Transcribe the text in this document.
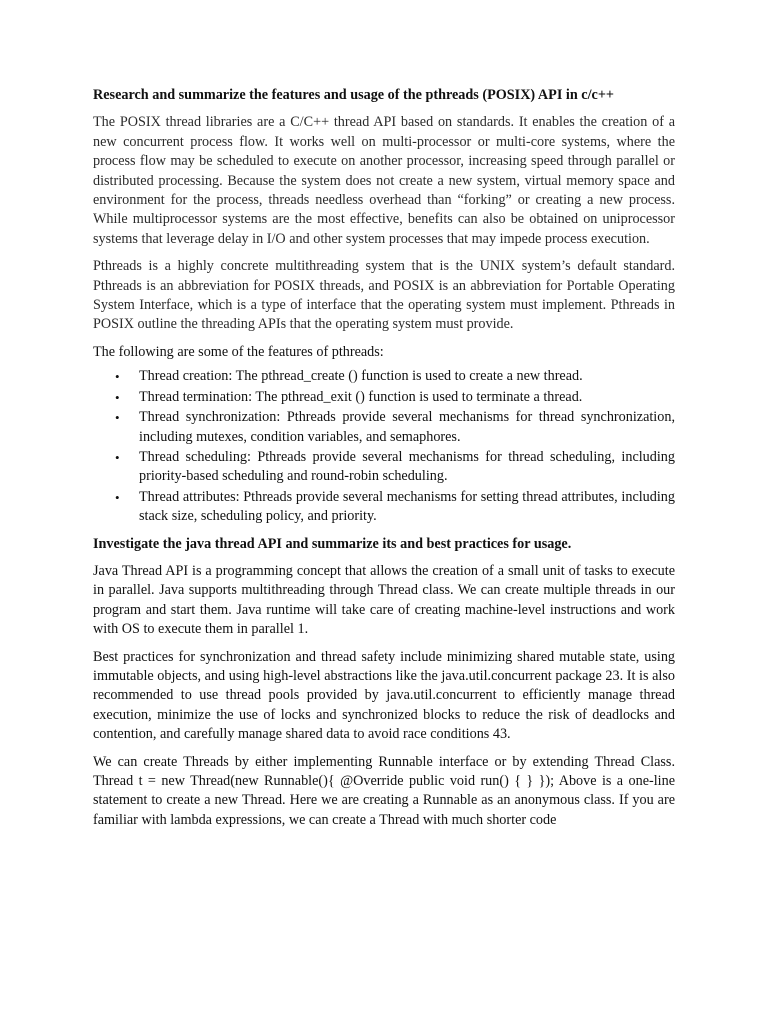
Research and summarize the features and usage of the pthreads (POSIX) API in c/c++

The POSIX thread libraries are a C/C++ thread API based on standards. It enables the creation of a new concurrent process flow. It works well on multi-processor or multi-core systems, where the process flow may be scheduled to execute on another processor, increasing speed through parallel or distributed processing. Because the system does not create a new system, virtual memory space and environment for the process, threads needless overhead than “forking” or creating a new process. While multiprocessor systems are the most effective, benefits can also be obtained on uniprocessor systems that leverage delay in I/O and other system processes that may impede process execution.

Pthreads is a highly concrete multithreading system that is the UNIX system’s default standard. Pthreads is an abbreviation for POSIX threads, and POSIX is an abbreviation for Portable Operating System Interface, which is a type of interface that the operating system must implement. Pthreads in POSIX outline the threading APIs that the operating system must provide.

The following are some of the features of pthreads:

• Thread creation: The pthread_create () function is used to create a new thread.
• Thread termination: The pthread_exit () function is used to terminate a thread.
• Thread synchronization: Pthreads provide several mechanisms for thread synchronization, including mutexes, condition variables, and semaphores.
• Thread scheduling: Pthreads provide several mechanisms for thread scheduling, including priority-based scheduling and round-robin scheduling.
• Thread attributes: Pthreads provide several mechanisms for setting thread attributes, including stack size, scheduling policy, and priority.

Investigate the java thread API and summarize its and best practices for usage.

Java Thread API is a programming concept that allows the creation of a small unit of tasks to execute in parallel. Java supports multithreading through Thread class. We can create multiple threads in our program and start them. Java runtime will take care of creating machine-level instructions and work with OS to execute them in parallel 1.

Best practices for synchronization and thread safety include minimizing shared mutable state, using immutable objects, and using high-level abstractions like the java.util.concurrent package 23. It is also recommended to use thread pools provided by java.util.concurrent to efficiently manage thread execution, minimize the use of locks and synchronized blocks to reduce the risk of deadlocks and contention, and carefully manage shared data to avoid race conditions 43.

We can create Threads by either implementing Runnable interface or by extending Thread Class. Thread t = new Thread(new Runnable(){ @Override public void run() { } }); Above is a one-line statement to create a new Thread. Here we are creating a Runnable as an anonymous class. If you are familiar with lambda expressions, we can create a Thread with much shorter code
